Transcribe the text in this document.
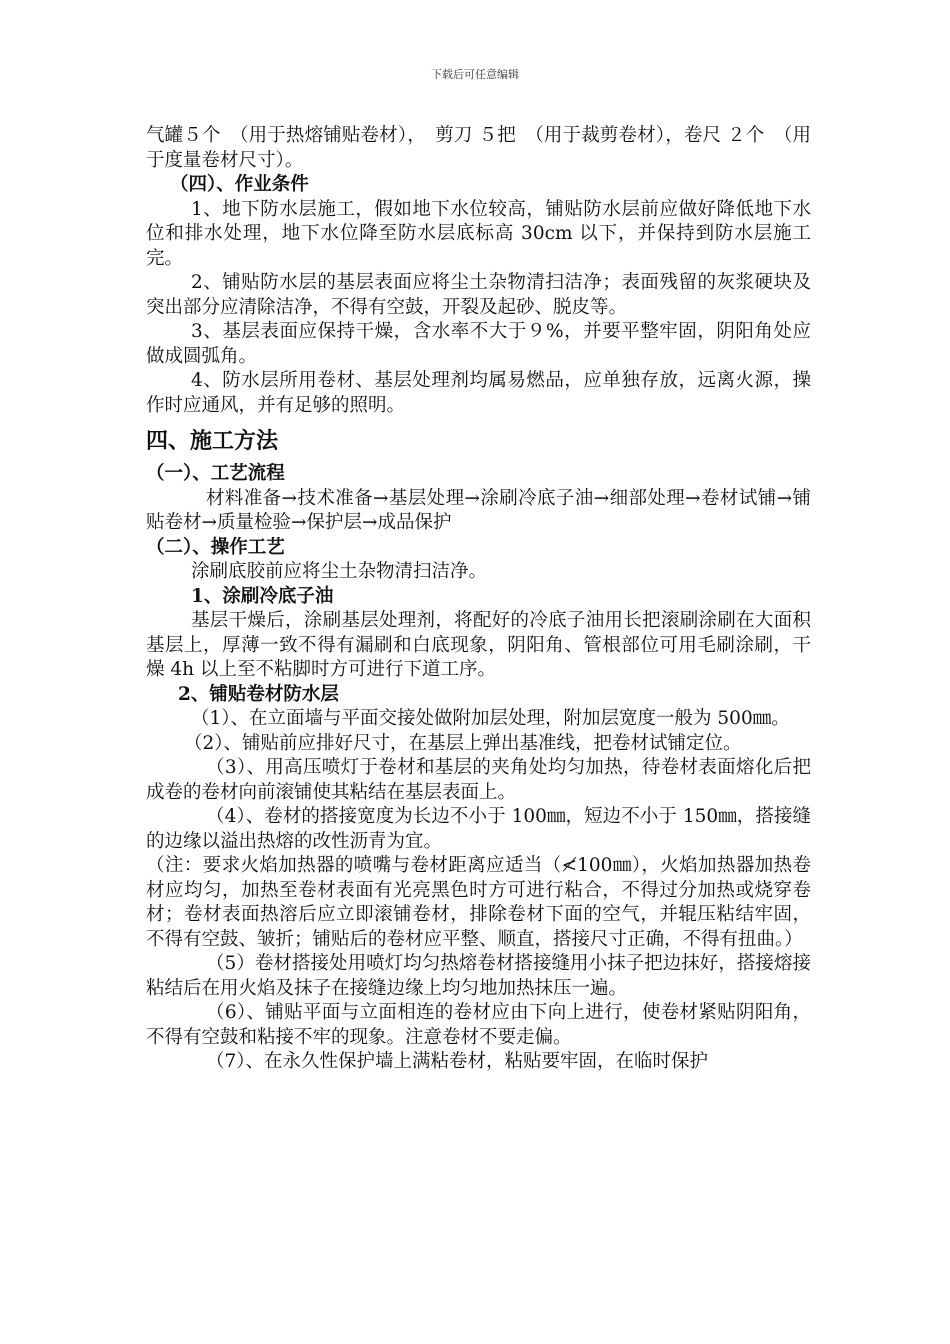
下载后可任意编辑

气罐５个　（用于热熔铺贴卷材），　剪刀 ５把　（用于裁剪卷材），卷尺 ２个　（用于度量卷材尺寸）。

（四）、作业条件

1、地下防水层施工，假如地下水位较高，铺贴防水层前应做好降低地下水位和排水处理，地下水位降至防水层底标高 30cm 以下，并保持到防水层施工完。

2、铺贴防水层的基层表面应将尘土杂物清扫洁净；表面残留的灰浆硬块及突出部分应清除洁净，不得有空鼓，开裂及起砂、脱皮等。

3、基层表面应保持干燥，含水率不大于９%，并要平整牢固，阴阳角处应做成圆弧角。

4、防水层所用卷材、基层处理剂均属易燃品，应单独存放，远离火源，操作时应通风，并有足够的照明。

四、施工方法

（一）、工艺流程

材料准备→技术准备→基层处理→涂刷冷底子油→细部处理→卷材试铺→铺贴卷材→质量检验→保护层→成品保护

（二）、操作工艺

涂刷底胶前应将尘土杂物清扫洁净。

1、涂刷冷底子油

基层干燥后，涂刷基层处理剂，将配好的冷底子油用长把滚刷涂刷在大面积基层上，厚薄一致不得有漏刷和白底现象，阴阳角、管根部位可用毛刷涂刷，干燥 4h 以上至不粘脚时方可进行下道工序。

2、铺贴卷材防水层

（1）、在立面墙与平面交接处做附加层处理，附加层宽度一般为 500㎜。

（2）、铺贴前应排好尺寸，在基层上弹出基准线，把卷材试铺定位。

（3）、用高压喷灯于卷材和基层的夹角处均匀加热，待卷材表面熔化后把成卷的卷材向前滚铺使其粘结在基层表面上。

（4）、卷材的搭接宽度为长边不小于 100㎜，短边不小于 150㎜，搭接缝的边缘以溢出热熔的改性沥青为宜。

（注：要求火焰加热器的喷嘴与卷材距离应适当（≮100㎜），火焰加热器加热卷材应均匀，加热至卷材表面有光亮黑色时方可进行粘合，不得过分加热或烧穿卷材；卷材表面热溶后应立即滚铺卷材，排除卷材下面的空气，并辊压粘结牢固，不得有空鼓、皱折；铺贴后的卷材应平整、顺直，搭接尺寸正确，不得有扭曲。）

（5）卷材搭接处用喷灯均匀热熔卷材搭接缝用小抹子把边抹好，搭接熔接粘结后在用火焰及抹子在接缝边缘上均匀地加热抹压一遍。

（6）、铺贴平面与立面相连的卷材应由下向上进行，使卷材紧贴阴阳角，不得有空鼓和粘接不牢的现象。注意卷材不要走偏。

（7）、在永久性保护墙上满粘卷材，粘贴要牢固，在临时保护
